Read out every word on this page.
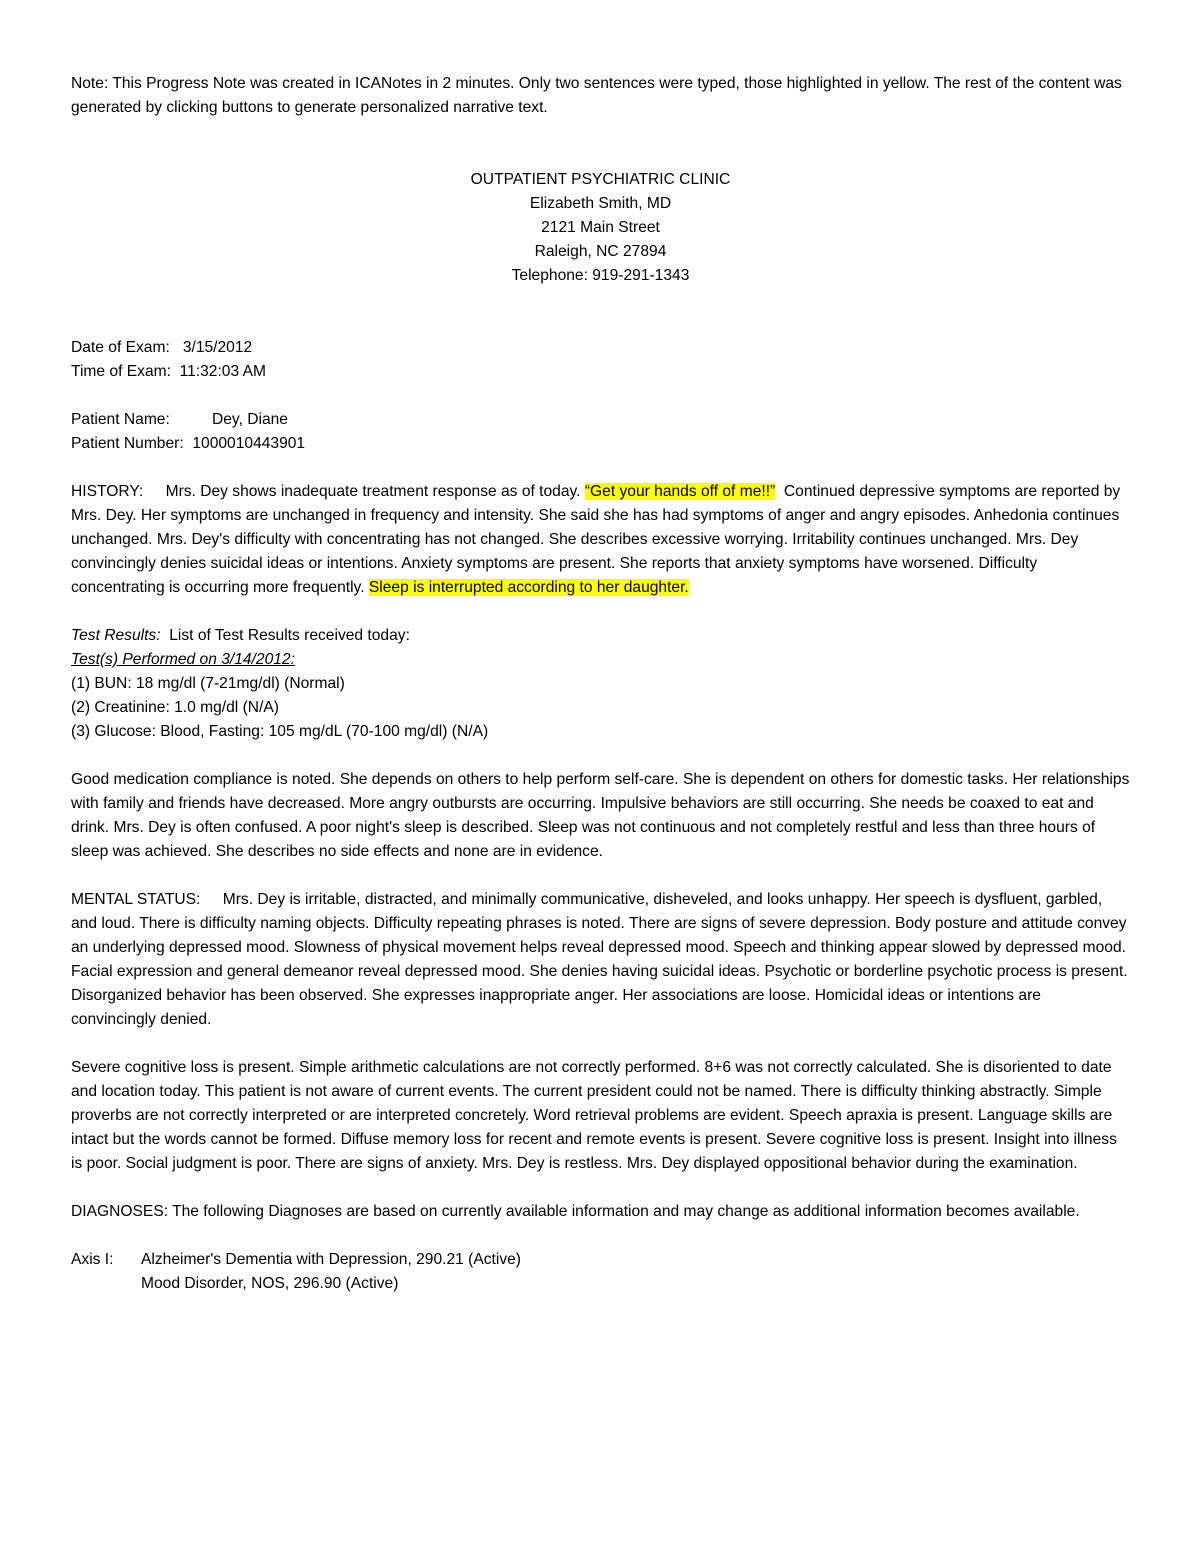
Note: This Progress Note was created in ICANotes in 2 minutes. Only two sentences were typed, those highlighted in yellow. The rest of the content was generated by clicking buttons to generate personalized narrative text.

OUTPATIENT PSYCHIATRIC CLINIC

Elizabeth Smith, MD

2121 Main Street

Raleigh, NC 27894

Telephone: 919-291-1343

Date of Exam: 3/15/2012

Time of Exam: 11:32:03 AM

Patient Name:	Dey, Diane

Patient Number: 1000010443901

HISTORY: Mrs. Dey shows inadequate treatment response as of today. “Get your hands off of me!!” Continued depressive symptoms are reported by Mrs. Dey. Her symptoms are unchanged in frequency and intensity. She said she has had symptoms of anger and angry episodes. Anhedonia continues unchanged. Mrs. Dey's difficulty with concentrating has not changed. She describes excessive worrying. Irritability continues unchanged. Mrs. Dey convincingly denies suicidal ideas or intentions. Anxiety symptoms are present. She reports that anxiety symptoms have worsened. Difficulty concentrating is occurring more frequently. Sleep is interrupted according to her daughter.

Test Results: List of Test Results received today:

Test(s) Performed on 3/14/2012:

(1) BUN: 18 mg/dl (7-21mg/dl) (Normal)

(2) Creatinine: 1.0 mg/dl (N/A)

(3) Glucose: Blood, Fasting: 105 mg/dL (70-100 mg/dl) (N/A)

Good medication compliance is noted. She depends on others to help perform self-care. She is dependent on others for domestic tasks. Her relationships with family and friends have decreased. More angry outbursts are occurring. Impulsive behaviors are still occurring. She needs be coaxed to eat and drink. Mrs. Dey is often confused. A poor night's sleep is described. Sleep was not continuous and not completely restful and less than three hours of sleep was achieved. She describes no side effects and none are in evidence.

MENTAL STATUS: Mrs. Dey is irritable, distracted, and minimally communicative, disheveled, and looks unhappy. Her speech is dysfluent, garbled, and loud. There is difficulty naming objects. Difficulty repeating phrases is noted. There are signs of severe depression. Body posture and attitude convey an underlying depressed mood. Slowness of physical movement helps reveal depressed mood. Speech and thinking appear slowed by depressed mood. Facial expression and general demeanor reveal depressed mood. She denies having suicidal ideas. Psychotic or borderline psychotic process is present. Disorganized behavior has been observed. She expresses inappropriate anger. Her associations are loose. Homicidal ideas or intentions are convincingly denied.

Severe cognitive loss is present. Simple arithmetic calculations are not correctly performed. 8+6 was not correctly calculated. She is disoriented to date and location today. This patient is not aware of current events. The current president could not be named. There is difficulty thinking abstractly. Simple proverbs are not correctly interpreted or are interpreted concretely. Word retrieval problems are evident. Speech apraxia is present. Language skills are intact but the words cannot be formed. Diffuse memory loss for recent and remote events is present. Severe cognitive loss is present. Insight into illness is poor. Social judgment is poor. There are signs of anxiety. Mrs. Dey is restless. Mrs. Dey displayed oppositional behavior during the examination.

DIAGNOSES: The following Diagnoses are based on currently available information and may change as additional information becomes available.

Axis I:	Alzheimer's Dementia with Depression, 290.21 (Active)

Mood Disorder, NOS, 296.90 (Active)
